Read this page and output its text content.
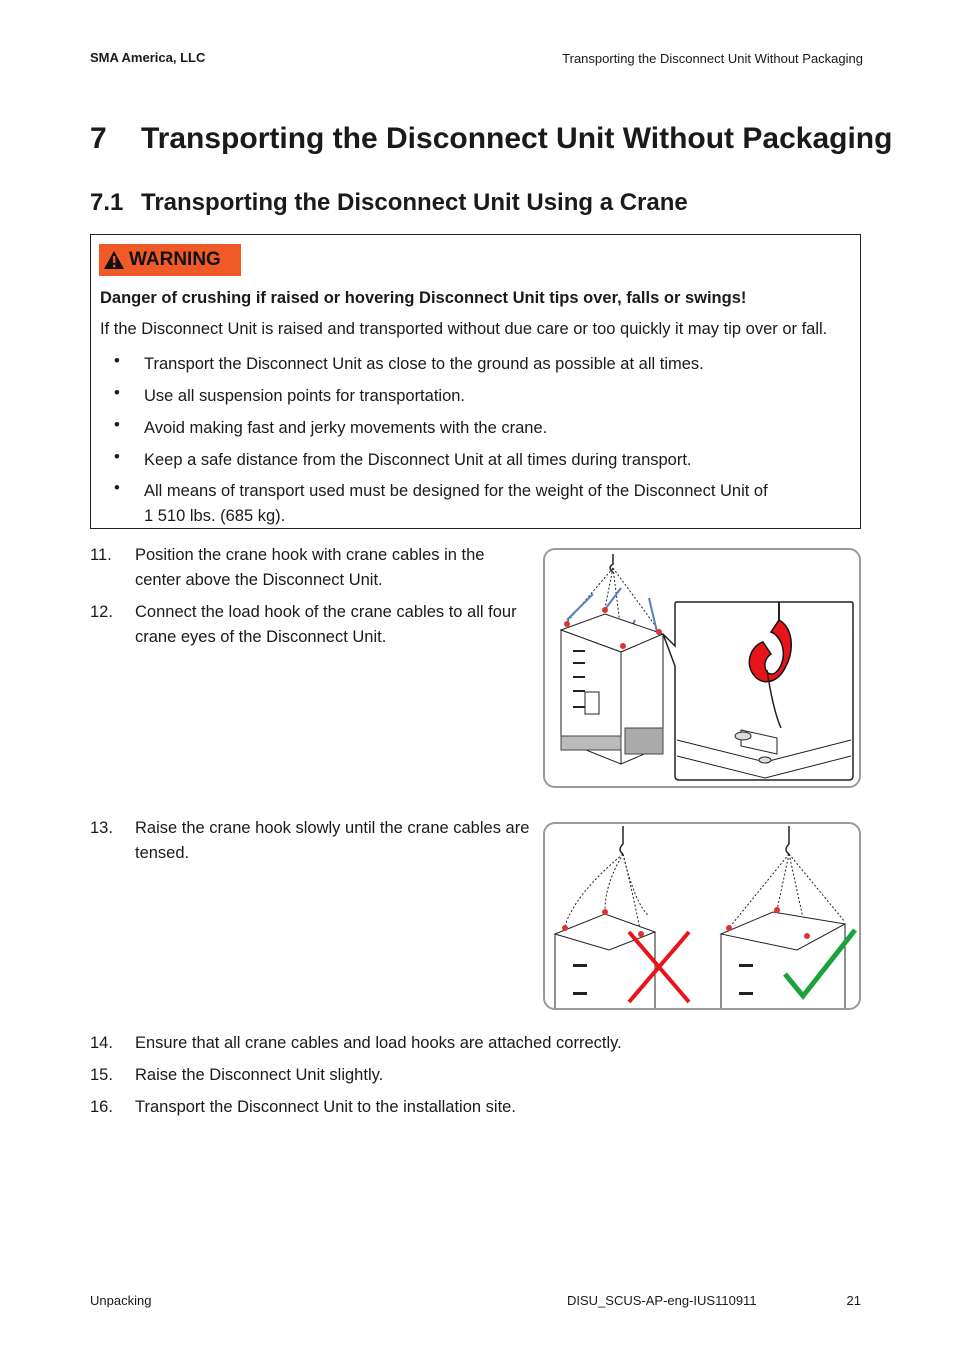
SMA America, LLC	Transporting the Disconnect Unit Without Packaging
7 Transporting the Disconnect Unit Without Packaging
7.1 Transporting the Disconnect Unit Using a Crane
WARNING
Danger of crushing if raised or hovering Disconnect Unit tips over, falls or swings!
If the Disconnect Unit is raised and transported without due care or too quickly it may tip over or fall.
• Transport the Disconnect Unit as close to the ground as possible at all times.
• Use all suspension points for transportation.
• Avoid making fast and jerky movements with the crane.
• Keep a safe distance from the Disconnect Unit at all times during transport.
• All means of transport used must be designed for the weight of the Disconnect Unit of
1 510 lbs. (685 kg).
11. Position the crane hook with crane cables in the
center above the Disconnect Unit.
12. Connect the load hook of the crane cables to all four
crane eyes of the Disconnect Unit.
13. Raise the crane hook slowly until the crane cables are
tensed.
14. Ensure that all crane cables and load hooks are attached correctly.
15. Raise the Disconnect Unit slightly.
16. Transport the Disconnect Unit to the installation site.
Unpacking	DISU_SCUS-AP-eng-IUS110911	21
